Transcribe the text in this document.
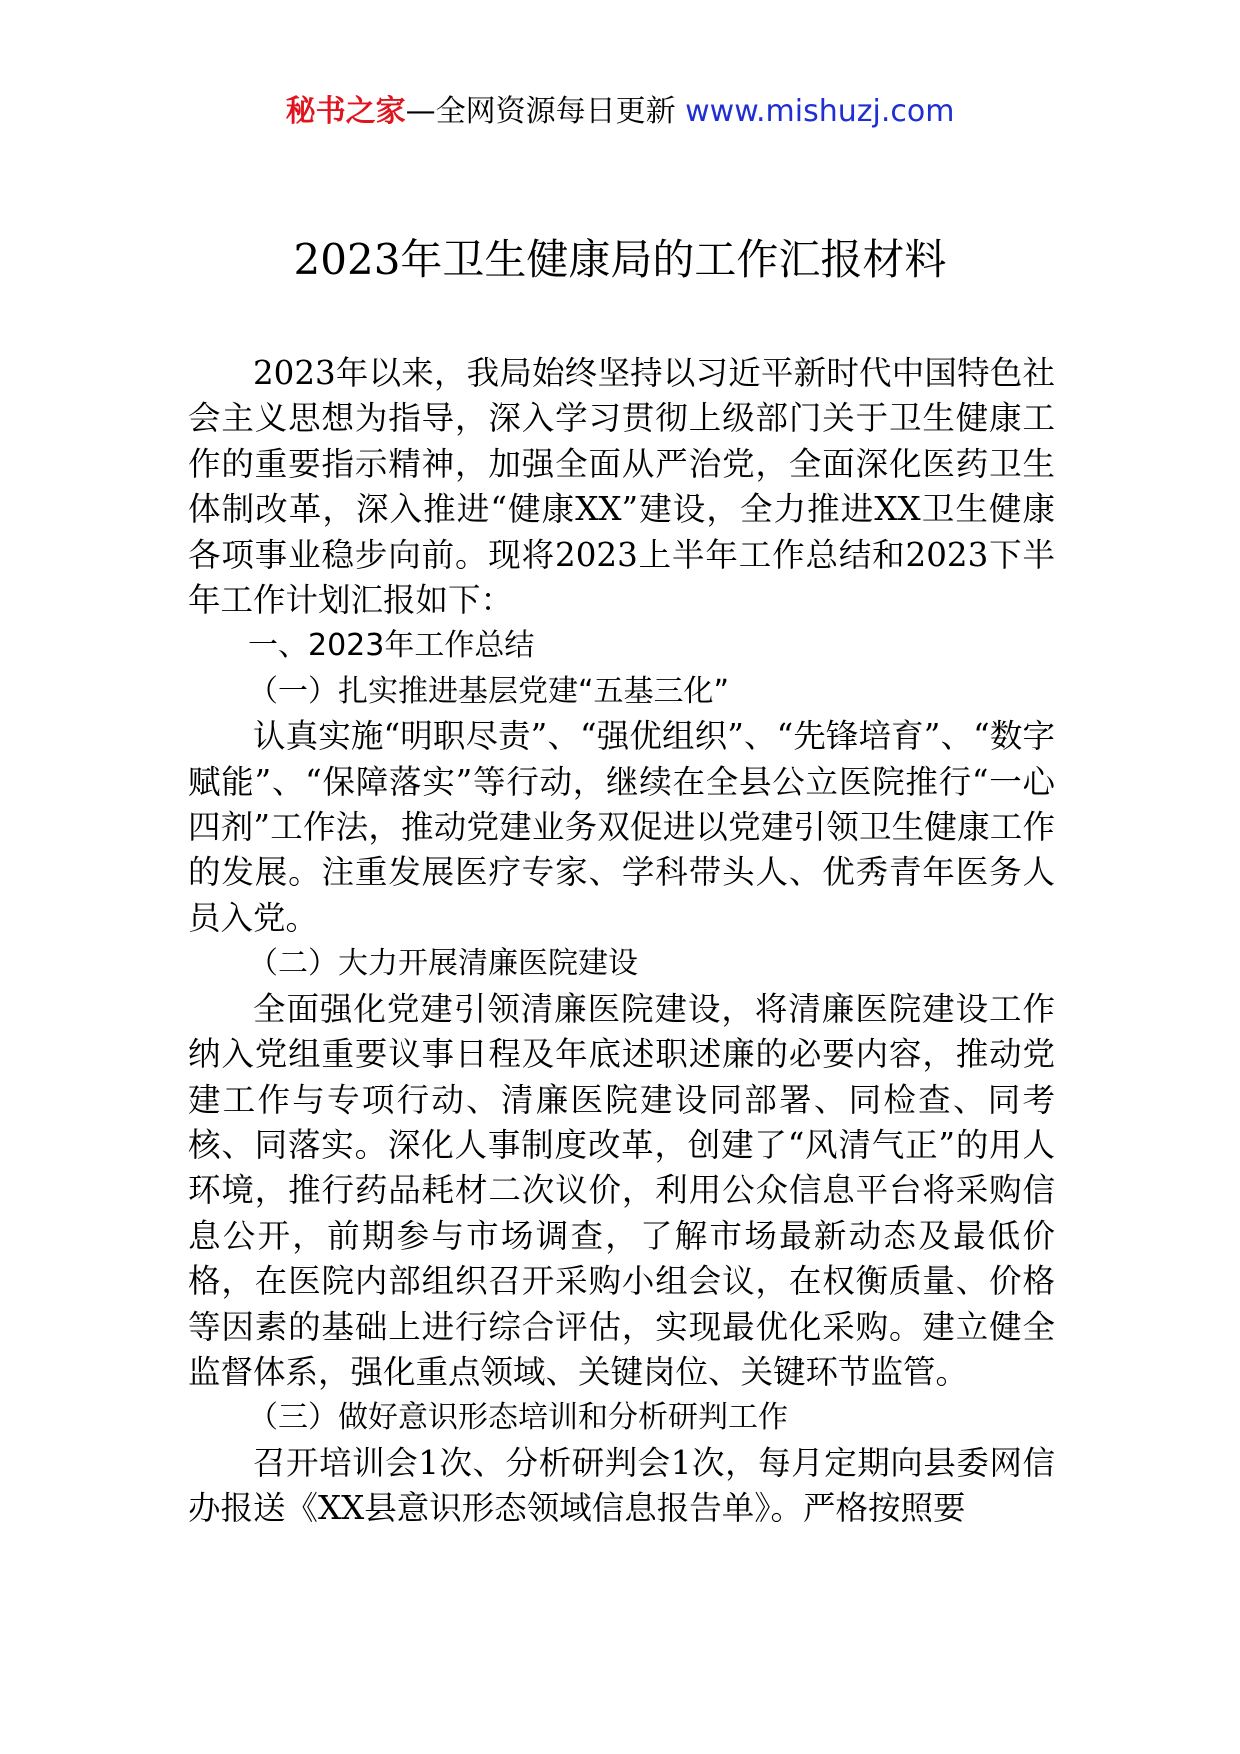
秘书之家—全网资源每日更新 www.mishuzj.com
2023年卫生健康局的工作汇报材料

2023年以来，我局始终坚持以习近平新时代中国特色社会主义思想为指导，深入学习贯彻上级部门关于卫生健康工作的重要指示精神，加强全面从严治党，全面深化医药卫生体制改革，深入推进“健康XX”建设，全力推进XX卫生健康各项事业稳步向前。现将2023上半年工作总结和2023下半年工作计划汇报如下：

一、2023年工作总结

（一）扎实推进基层党建“五基三化”

认真实施“明职尽责”、“强优组织”、“先锋培育”、“数字赋能”、“保障落实”等行动，继续在全县公立医院推行“一心四剂”工作法，推动党建业务双促进以党建引领卫生健康工作的发展。注重发展医疗专家、学科带头人、优秀青年医务人员入党。

（二）大力开展清廉医院建设

全面强化党建引领清廉医院建设，将清廉医院建设工作纳入党组重要议事日程及年底述职述廉的必要内容，推动党建工作与专项行动、清廉医院建设同部署、同检查、同考核、同落实。深化人事制度改革，创建了“风清气正”的用人环境，推行药品耗材二次议价，利用公众信息平台将采购信息公开，前期参与市场调查，了解市场最新动态及最低价格，在医院内部组织召开采购小组会议，在权衡质量、价格等因素的基础上进行综合评估，实现最优化采购。建立健全监督体系，强化重点领域、关键岗位、关键环节监管。

（三）做好意识形态培训和分析研判工作

召开培训会1次、分析研判会1次，每月定期向县委网信办报送《XX县意识形态领域信息报告单》。严格按照要
